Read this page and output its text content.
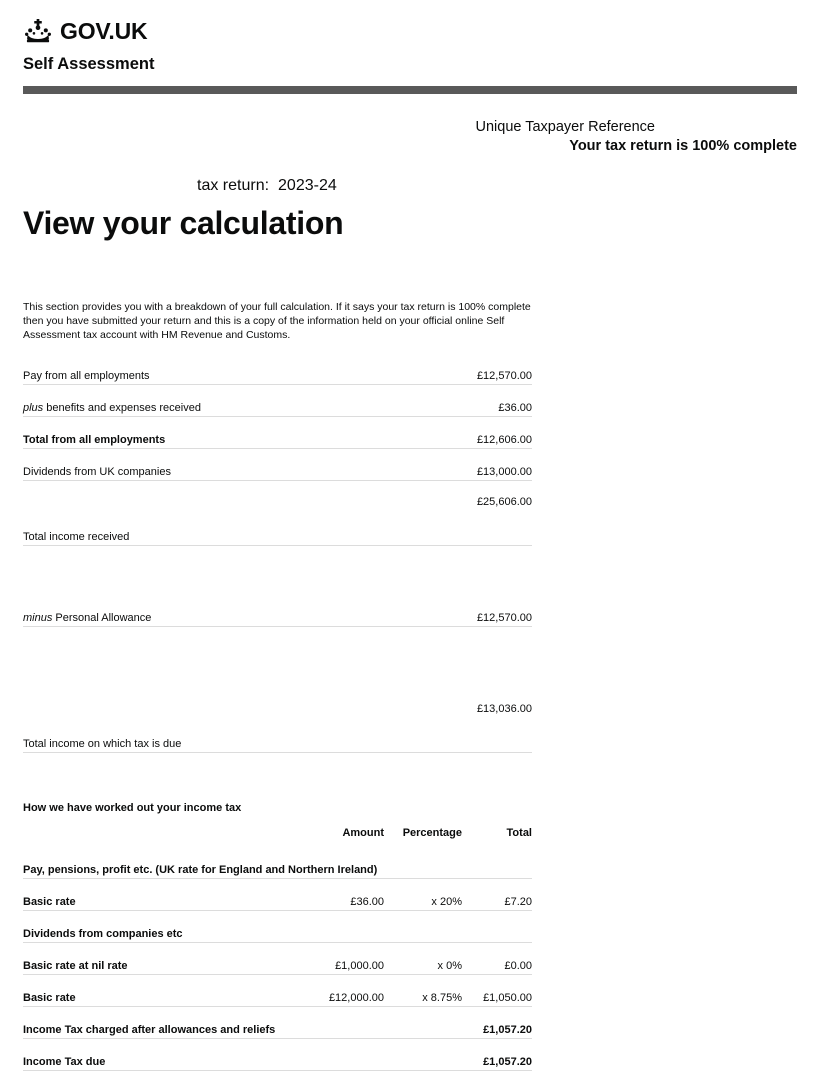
GOV.UK
Self Assessment
Unique Taxpayer Reference
Your tax return is 100% complete
tax return: 2023-24
View your calculation

This section provides you with a breakdown of your full calculation. If it says your tax return is 100% complete then you have submitted your return and this is a copy of the information held on your official online Self Assessment tax account with HM Revenue and Customs.

Pay from all employments	£12,570.00
plus benefits and expenses received	£36.00
Total from all employments	£12,606.00
Dividends from UK companies	£13,000.00
Total income received	£25,606.00

minus Personal Allowance	£12,570.00

Total income on which tax is due	£13,036.00
How we have worked out your income tax
	Amount	Percentage	Total
Pay, pensions, profit etc. (UK rate for England and Northern Ireland)			
Basic rate	£36.00	x 20%	£7.20
Dividends from companies etc			
Basic rate at nil rate	£1,000.00	x 0%	£0.00
Basic rate	£12,000.00	x 8.75%	£1,050.00
Income Tax charged after allowances and reliefs			£1,057.20
Income Tax due			£1,057.20
